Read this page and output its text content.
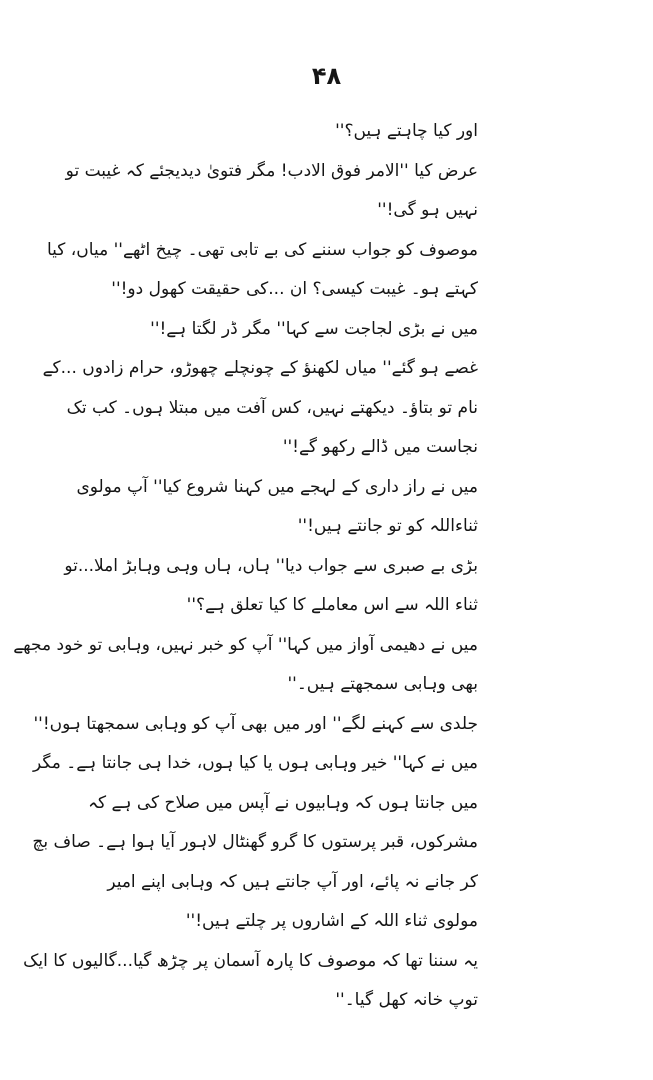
۴۸
اور کیا چاہتے ہیں؟''
عرض کیا ''الامر فوق الادب! مگر فتویٰ دیدیجئے کہ غیبت تو
نہیں ہو گی!''
موصوف کو جواب سننے کی بے تابی تھی۔ چیخ اٹھے'' میاں، کیا
کہتے ہو۔ غیبت کیسی؟ ان ...کی حقیقت کھول دو!''
میں نے بڑی لجاجت سے کہا'' مگر ڈر لگتا ہے!''
غصے ہو گئے'' میاں لکھنؤ کے چونچلے چھوڑو، حرام زادوں ...کے
نام تو بتاؤ۔ دیکھتے نہیں، کس آفت میں مبتلا ہوں۔ کب تک
نجاست میں ڈالے رکھو گے!''
میں نے راز داری کے لہجے میں کہنا شروع کیا'' آپ مولوی
ثناءاللہ کو تو جانتے ہیں!''
بڑی بے صبری سے جواب دیا'' ہاں، ہاں وہی وہابڑ املا...تو
ثناء اللہ سے اس معاملے کا کیا تعلق ہے؟''
میں نے دھیمی آواز میں کہا'' آپ کو خبر نہیں، وہابی تو خود مجھے
بھی وہابی سمجھتے ہیں۔''
جلدی سے کہنے لگے'' اور میں بھی آپ کو وہابی سمجھتا ہوں!''
میں نے کہا'' خیر وہابی ہوں یا کیا ہوں، خدا ہی جانتا ہے۔ مگر
میں جانتا ہوں کہ وہابیوں نے آپس میں صلاح کی ہے کہ
مشرکوں، قبر پرستوں کا گرو گھنٹال لاہور آیا ہوا ہے۔ صاف بچ
کر جانے نہ پائے، اور آپ جانتے ہیں کہ وہابی اپنے امیر
مولوی ثناء اللہ کے اشاروں پر چلتے ہیں!''
یہ سننا تھا کہ موصوف کا پارہ آسمان پر چڑھ گیا...گالیوں کا ایک
توپ خانہ کھل گیا۔''
